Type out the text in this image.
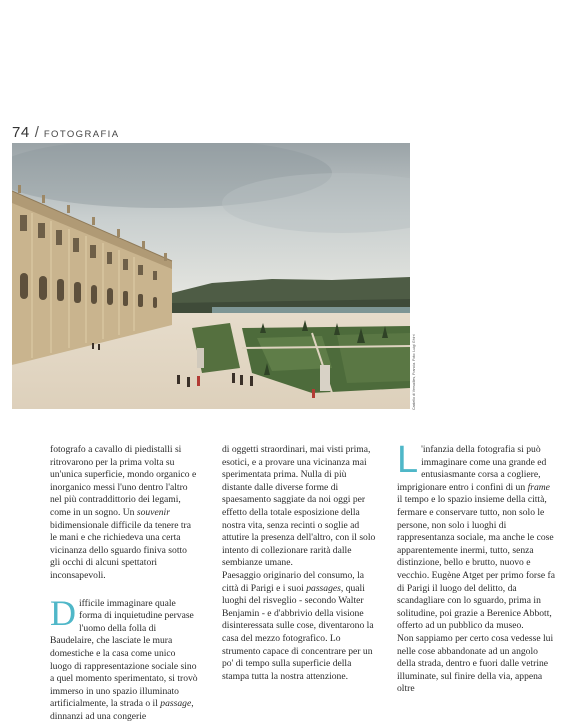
74 / FOTOGRAFIA
Castello di Versailles, Francia. Foto: Luigi Ghirri

fotografo a cavallo di piedistalli si ritrovarono per la prima volta su un'unica superficie, mondo organico e inorganico messi l'uno dentro l'altro nel più contraddittorio dei legami, come in un sogno. Un souvenir bidimensionale difficile da tenere tra le mani e che richiedeva una certa vicinanza dello sguardo finiva sotto gli occhi di alcuni spettatori inconsapevoli.

Difficile immaginare quale forma di inquietudine pervase l'uomo della folla di Baudelaire, che lasciate le mura domestiche e la casa come unico luogo di rappresentazione sociale sino a quel momento sperimentato, si trovò immerso in uno spazio illuminato artificialmente, la strada o il passage, dinnanzi ad una congerie

di oggetti straordinari, mai visti prima, esotici, e a provare una vicinanza mai sperimentata prima. Nulla di più distante dalle diverse forme di spaesamento saggiate da noi oggi per effetto della totale esposizione della nostra vita, senza recinti o soglie ad attutire la presenza dell'altro, con il solo intento di collezionare rarità dalle sembianze umane.

Paesaggio originario del consumo, la città di Parigi e i suoi passages, quali luoghi del risveglio - secondo Walter Benjamin - e d'abbrivio della visione disinteressata sulle cose, diventarono la casa del mezzo fotografico. Lo strumento capace di concentrare per un po' di tempo sulla superficie della stampa tutta la nostra attenzione.

L 'infanzia della fotografia si può immaginare come una grande ed entusiasmante corsa a cogliere, imprigionare entro i confini di un frame il tempo e lo spazio insieme della città, fermare e conservare tutto, non solo le persone, non solo i luoghi di rappresentanza sociale, ma anche le cose apparentemente inermi, tutto, senza distinzione, bello e brutto, nuovo e vecchio. Eugène Atget per primo forse fa di Parigi il luogo del delitto, da scandagliare con lo sguardo, prima in solitudine, poi grazie a Berenice Abbott, offerto ad un pubblico da museo.

Non sappiamo per certo cosa vedesse lui nelle cose abbandonate ad un angolo della strada, dentro e fuori dalle vetrine illuminate, sul finire della via, appena oltre
